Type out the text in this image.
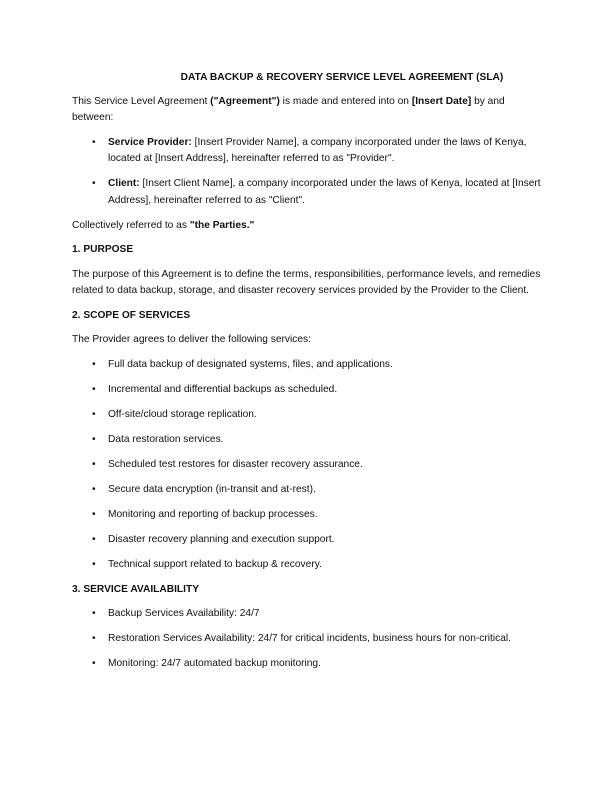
DATA BACKUP & RECOVERY SERVICE LEVEL AGREEMENT (SLA)

This Service Level Agreement ("Agreement") is made and entered into on [Insert Date] by and between:

• Service Provider: [Insert Provider Name], a company incorporated under the laws of Kenya, located at [Insert Address], hereinafter referred to as "Provider".
• Client: [Insert Client Name], a company incorporated under the laws of Kenya, located at [Insert Address], hereinafter referred to as "Client".

Collectively referred to as "the Parties."

1. PURPOSE

The purpose of this Agreement is to define the terms, responsibilities, performance levels, and remedies related to data backup, storage, and disaster recovery services provided by the Provider to the Client.

2. SCOPE OF SERVICES

The Provider agrees to deliver the following services:

• Full data backup of designated systems, files, and applications.
• Incremental and differential backups as scheduled.
• Off-site/cloud storage replication.
• Data restoration services.
• Scheduled test restores for disaster recovery assurance.
• Secure data encryption (in-transit and at-rest).
• Monitoring and reporting of backup processes.
• Disaster recovery planning and execution support.
• Technical support related to backup & recovery.
3. SERVICE AVAILABILITY
• Backup Services Availability: 24/7
• Restoration Services Availability: 24/7 for critical incidents, business hours for non-critical.
• Monitoring: 24/7 automated backup monitoring.
